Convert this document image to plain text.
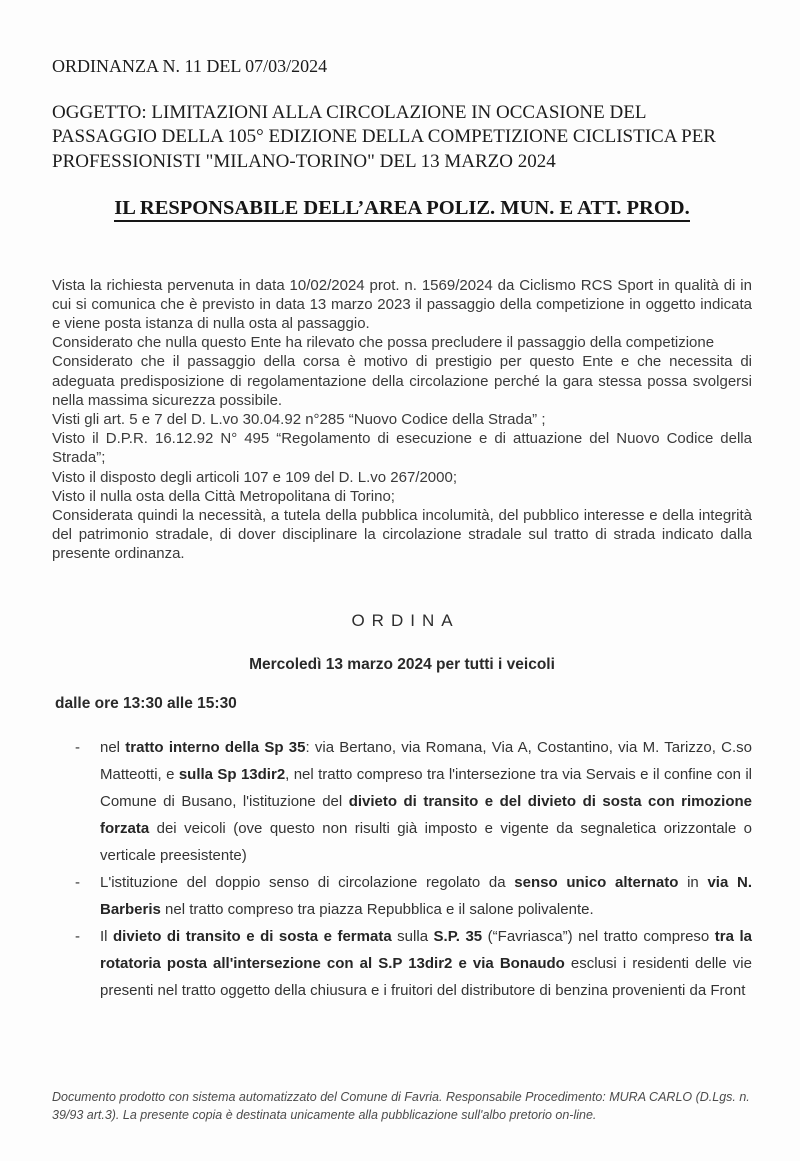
ORDINANZA N. 11 DEL 07/03/2024

OGGETTO: LIMITAZIONI ALLA CIRCOLAZIONE IN OCCASIONE DEL PASSAGGIO DELLA 105° EDIZIONE DELLA COMPETIZIONE CICLISTICA PER PROFESSIONISTI "MILANO-TORINO" DEL 13 MARZO 2024

IL RESPONSABILE DELL’AREA POLIZ. MUN. E ATT. PROD.

Vista la richiesta pervenuta in data 10/02/2024 prot. n. 1569/2024 da Ciclismo RCS Sport in qualità di in cui si comunica che è previsto in data 13 marzo 2023 il passaggio della competizione in oggetto indicata e viene posta istanza di nulla osta al passaggio.

Considerato che nulla questo Ente ha rilevato che possa precludere il passaggio della competizione

Considerato che il passaggio della corsa è motivo di prestigio per questo Ente e che necessita di adeguata predisposizione di regolamentazione della circolazione perché la gara stessa possa svolgersi nella massima sicurezza possibile.

Visti gli art. 5 e 7 del D. L.vo 30.04.92 n°285 “Nuovo Codice della Strada” ;

Visto il D.P.R. 16.12.92 N° 495 “Regolamento di esecuzione e di attuazione del Nuovo Codice della Strada”;

Visto il disposto degli articoli 107 e 109 del D. L.vo 267/2000;

Visto il nulla osta della Città Metropolitana di Torino;

Considerata quindi la necessità, a tutela della pubblica incolumità, del pubblico interesse e della integrità del patrimonio stradale, di dover disciplinare la circolazione stradale sul tratto di strada indicato dalla presente ordinanza.

ORDINA

Mercoledì 13 marzo 2024 per tutti i veicoli

dalle ore 13:30 alle 15:30

- nel tratto interno della Sp 35: via Bertano, via Romana, Via A, Costantino, via M. Tarizzo, C.so Matteotti, e sulla Sp 13dir2, nel tratto compreso tra l'intersezione tra via Servais e il confine con il Comune di Busano, l'istituzione del divieto di transito e del divieto di sosta con rimozione forzata dei veicoli (ove questo non risulti già imposto e vigente da segnaletica orizzontale o verticale preesistente)
- L'istituzione del doppio senso di circolazione regolato da senso unico alternato in via N. Barberis nel tratto compreso tra piazza Repubblica e il salone polivalente.
- Il divieto di transito e di sosta e fermata sulla S.P. 35 (“Favriasca”) nel tratto compreso tra la rotatoria posta all'intersezione con al S.P 13dir2 e via Bonaudo esclusi i residenti delle vie presenti nel tratto oggetto della chiusura e i fruitori del distributore di benzina provenienti da Front

Documento prodotto con sistema automatizzato del Comune di Favria. Responsabile Procedimento: MURA CARLO (D.Lgs. n. 39/93 art.3). La presente copia è destinata unicamente alla pubblicazione sull'albo pretorio on-line.
